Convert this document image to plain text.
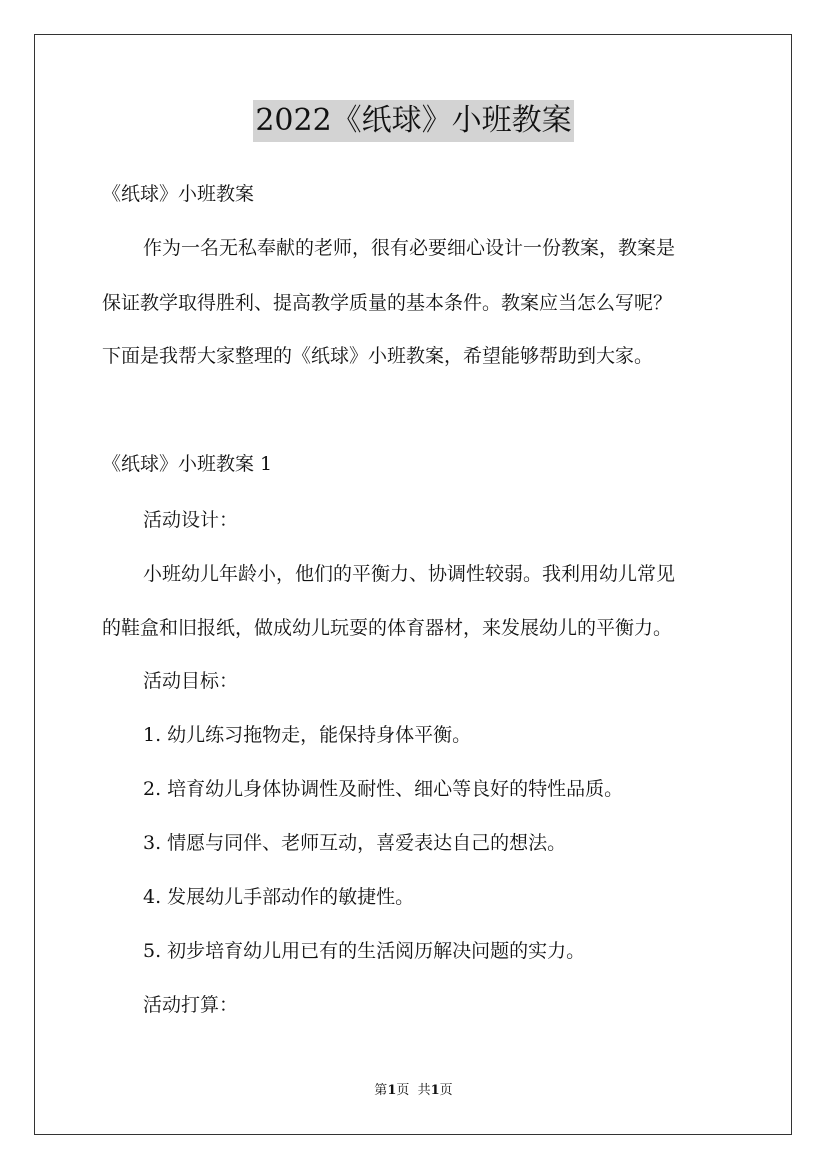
2022《纸球》小班教案
《纸球》小班教案
作为一名无私奉献的老师，很有必要细心设计一份教案，教案是
保证教学取得胜利、提高教学质量的基本条件。教案应当怎么写呢？
下面是我帮大家整理的《纸球》小班教案，希望能够帮助到大家。
《纸球》小班教案 1
活动设计：
小班幼儿年龄小，他们的平衡力、协调性较弱。我利用幼儿常见
的鞋盒和旧报纸，做成幼儿玩耍的体育器材，来发展幼儿的平衡力。
活动目标：
1. 幼儿练习拖物走，能保持身体平衡。
2. 培育幼儿身体协调性及耐性、细心等良好的特性品质。
3. 情愿与同伴、老师互动，喜爱表达自己的想法。
4. 发展幼儿手部动作的敏捷性。
5. 初步培育幼儿用已有的生活阅历解决问题的实力。
活动打算：
第1页  共1页
